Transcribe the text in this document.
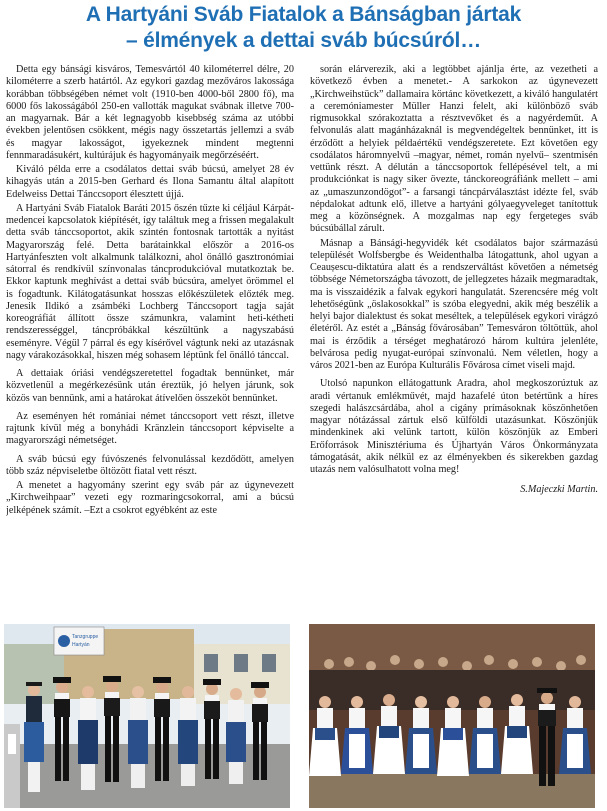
A Hartyáni Sváb Fiatalok a Bánságban jártak
– élmények a dettai sváb búcsúról…

Detta egy bánsági kisváros, Temesvártól 40 kilométerrel délre, 20 kilométerre a szerb határtól. Az egykori gazdag mezőváros lakossága korábban többségében német volt (1910-ben 4000-ből 2800 fő), ma 6000 fős lakosságából 250-en vallották magukat svábnak illetve 700-an magyarnak. Bár a két legnagyobb kisebbség száma az utóbbi években jelentősen csökkent, mégis nagy összetartás jellemzi a sváb és magyar lakosságot, igyekeznek mindent megtenni fennmaradásukért, kultúrájuk és hagyományaik megőrzéséért.

Kiváló példa erre a csodálatos dettai sváb búcsú, amelyet 28 év kihagyás után a 2015-ben Gerhard és Ilona Samantu által alapított Edelweiss Dettai Tánccsoport élesztett újjá.

A Hartyáni Sváb Fiatalok Baráti 2015 őszén tűzte ki céljául Kárpát-medencei kapcsolatok kiépítését, így találtuk meg a frissen megalakult detta sváb tánccsoportot, akik szintén fontosnak tartották a nyitást Magyarország felé. Detta barátainkkal először a 2016-os Hartyánfeszten volt alkalmunk találkozni, ahol önálló gasztronómiai sátorral és rendkívül színvonalas táncprodukcióval mutatkoztak be. Ekkor kaptunk meghívást a dettai sváb búcsúra, amelyet örömmel el is fogadtunk. Kilátogatásunkat hosszas előkészületek előzték meg. Jenesik Ildikó a zsámbéki Lochberg Tánccsoport tagja saját koreográfiát állított össze számunkra, valamint heti-kétheti rendszerességgel, táncpróbákkal készültünk a nagyszabású eseményre. Végül 7 párral és egy kísérővel vágtunk neki az utazásnak nagy várakozásokkal, hiszen még sohasem léptünk fel önálló tánccal.

A dettaiak óriási vendégszeretettel fogadtak bennünket, már közvetlenül a megérkezésünk után éreztük, jó helyen járunk, sok közös van bennünk, ami a határokat átívelően összeköt bennünket.

Az eseményen hét romániai német tánccsoport vett részt, illetve rajtunk kívül még a bonyhádi Kränzlein tánccsoport képviselte a magyarországi németséget.

A sváb búcsú egy fúvószenés felvonulással kezdődött, amelyen több száz népviseletbe öltözött fiatal vett részt.

A menetet a hagyomány szerint egy sváb pár az úgynevezett „Kirchweihpaar” vezeti egy rozmaringcsokorral, ami a búcsú jelképének számít. –Ezt a csokrot egyébként az este

során elárverezik, aki a legtöbbet ajánlja érte, az vezetheti a következő évben a menetet.- A sarkokon az úgynevezett „Kirchweihstück” dallamaira körtánc következett, a kiváló hangulatért a ceremóniamester Müller Hanzi felelt, aki különböző sváb rigmusokkal szórakoztatta a résztvevőket és a nagyérdeműt. A felvonulás alatt magánházaknál is megvendégeltek bennünket, itt is érződött a helyiek példaértékű vendégszeretete. Ezt követően egy csodálatos háromnyelvű –magyar, német, román nyelvű– szentmisén vettünk részt. A délután a tánccsoportok fellépésével telt, a mi produkciónkat is nagy siker övezte, tánckoreográfiánk mellett – ami az „umaszunzondögot”- a farsangi táncpárválasztást idézte fel, sváb népdalokat adtunk elő, illetve a hartyáni gólyaegyveleget tanítottuk meg a közönségnek. A mozgalmas nap egy fergeteges sváb búcsúbállal zárult.

Másnap a Bánsági-hegyvidék két csodálatos bajor származású települését Wolfsbergbe és Weidenthalba látogattunk, ahol ugyan a Ceaușescu-diktatúra alatt és a rendszerváltást követően a németség többsége Németországba távozott, de jellegzetes házaik megmaradtak, ma is visszaidézik a falvak egykori hangulatát. Szerencsére még volt lehetőségünk „öslakosokkal” is szóba elegyedni, akik még beszélik a helyi bajor dialektust és sokat meséltek, a települések egykori virágzó életéről. Az estét a „Bánság fővárosában” Temesváron töltöttük, ahol mai is érződik a térséget meghatározó három kultúra jelenléte, belvárosa pedig nyugat-európai színvonalú. Nem véletlen, hogy a város 2021-ben az Európa Kulturális Fővárosa címet viseli majd.

Utolsó napunkon ellátogattunk Aradra, ahol megkoszorúztuk az aradi vértanuk emlékművét, majd hazafelé úton betértünk a híres szegedi halászcsárdába, ahol a cigány prímásoknak köszönhetően magyar nótázással zártuk első külföldi utazásunkat. Köszönjük mindenkinek aki velünk tartott, külön köszönjük az Emberi Erőforrások Minisztériuma és Újhartyán Város Önkormányzata támogatását, akik nélkül ez az élményekben és sikerekben gazdag utazás nem valósulhatott volna meg!

S.Majeczki Martin.

Tanzgruppe
Hartyán
